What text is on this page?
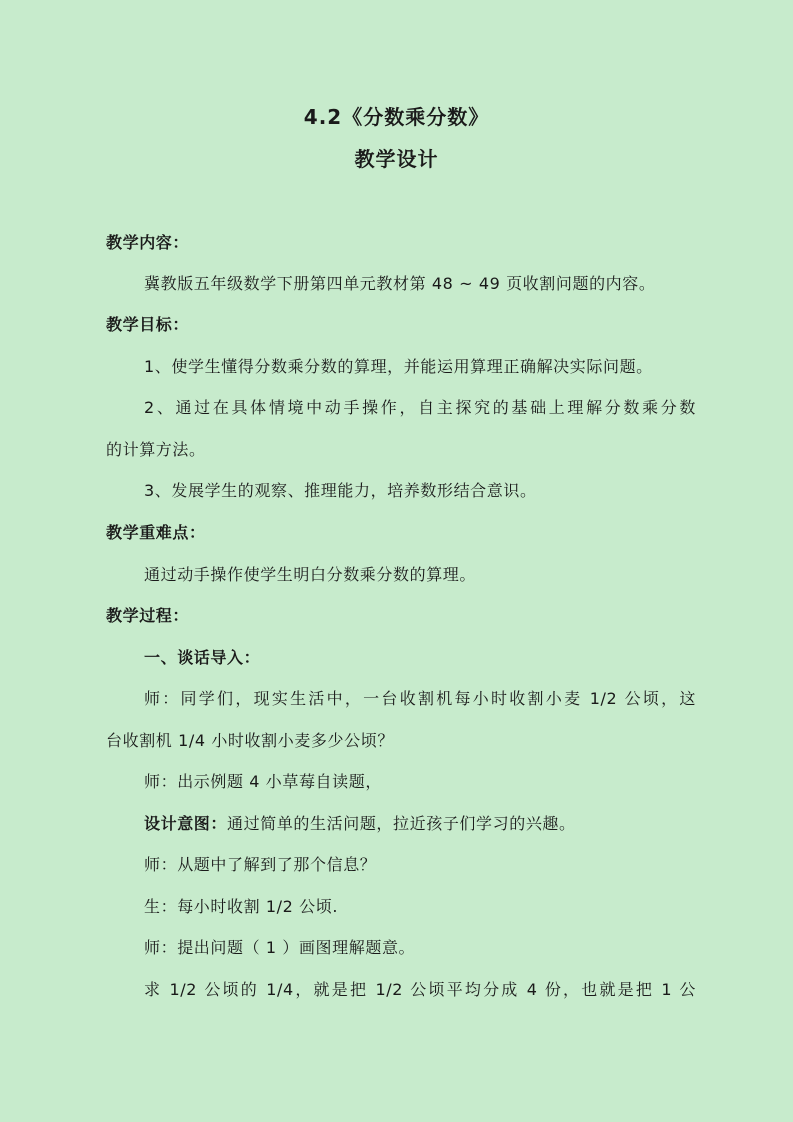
4.2《分数乘分数》
教学设计
教学内容：
冀教版五年级数学下册第四单元教材第 48 ~ 49 页收割问题的内容。
教学目标：
1、使学生懂得分数乘分数的算理，并能运用算理正确解决实际问题。
2、通过在具体情境中动手操作，自主探究的基础上理解分数乘分数
的计算方法。
3、发展学生的观察、推理能力，培养数形结合意识。
教学重难点：
通过动手操作使学生明白分数乘分数的算理。
教学过程：
一、谈话导入：
师：同学们，现实生活中，一台收割机每小时收割小麦 1/2 公顷，这
台收割机 1/4 小时收割小麦多少公顷？
师：出示例题 4 小草莓自读题，
设计意图：通过简单的生活问题，拉近孩子们学习的兴趣。
师：从题中了解到了那个信息？
生：每小时收割 1/2 公顷.
师：提出问题（ 1 ）画图理解题意。
求 1/2 公顷的 1/4，就是把 1/2 公顷平均分成 4 份，也就是把 1 公
